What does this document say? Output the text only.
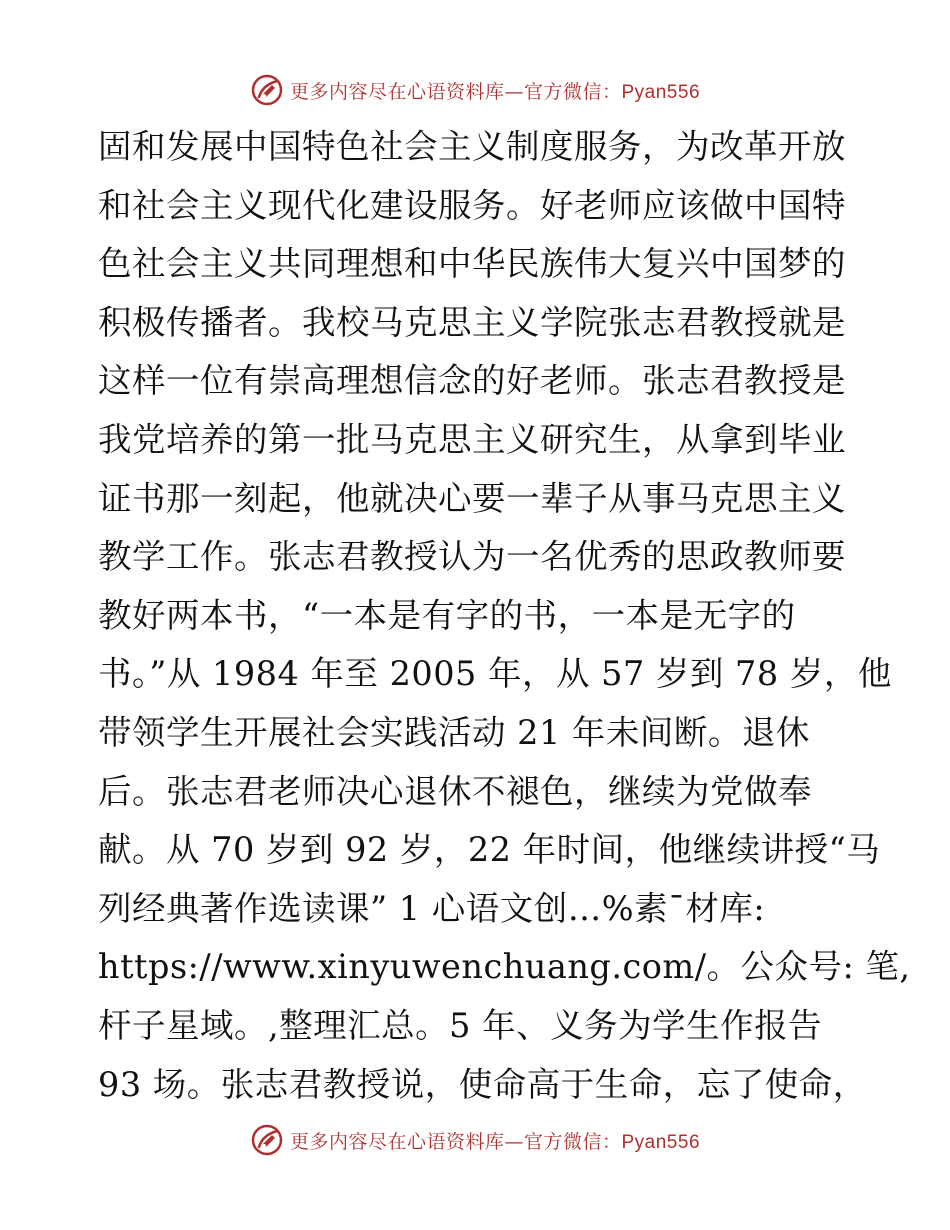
更多内容尽在心语资料库—官方微信：Pyan556
固和发展中国特色社会主义制度服务，为改革开放
和社会主义现代化建设服务。好老师应该做中国特
色社会主义共同理想和中华民族伟大复兴中国梦的
积极传播者。我校马克思主义学院张志君教授就是
这样一位有崇高理想信念的好老师。张志君教授是
我党培养的第一批马克思主义研究生，从拿到毕业
证书那一刻起，他就决心要一辈子从事马克思主义
教学工作。张志君教授认为一名优秀的思政教师要
教好两本书，“一本是有字的书，一本是无字的
书。”从 1984 年至 2005 年，从 57 岁到 78 岁，他
带领学生开展社会实践活动 21 年未间断。退休
后。张志君老师决心退休不褪色，继续为党做奉
献。从 70 岁到 92 岁，22 年时间，他继续讲授“马
列经典著作选读课” 1 心语文创…%素¯材库:
https://www.xinyuwenchuang.com/。公众号: 笔,
杆子星域。,整理汇总。5 年、义务为学生作报告
93 场。张志君教授说，使命高于生命，忘了使命，
更多内容尽在心语资料库—官方微信：Pyan556
